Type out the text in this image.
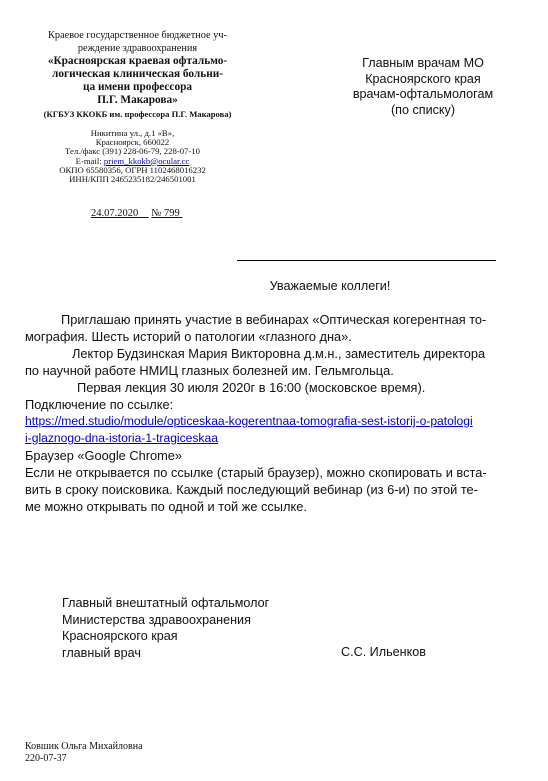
Краевое государственное бюджетное уч-
реждение здравоохранения
«Красноярская краевая офтальмо-
логическая клиническая больни-
ца имени профессора
П.Г. Макарова»
(КГБУЗ ККОКБ им. профессора П.Г. Макарова)
Никитина ул., д.1 «В»,
Красноярск, 660022
Тел./факс (391) 228-06-79, 228-07-10
E-mail: priem_kkokb@ocular.cc
ОКПО 65580356, ОГРН 1102468016232
ИНН/КПП 2465235182/246501001
24.07.2020 № 799
Главным врачам МО
Красноярского края
врачам-офтальмологам
(по списку)
Уважаемые коллеги!
Приглашаю принять участие в вебинарах «Оптическая когерентная то-
мография. Шесть историй о патологии «глазного дна».
Лектор Будзинская Мария Викторовна д.м.н., заместитель директора
по научной работе НМИЦ глазных болезней им. Гельмгольца.
Первая лекция 30 июля 2020г в 16:00 (московское время).
Подключение по ссылке:
https://med.studio/module/opticeskaa-kogerentnaa-tomografia-sest-istorij-o-patologi
i-glaznogo-dna-istoria-1-tragiceskaa
Браузер «Google Chrome»
Если не открывается по ссылке (старый браузер), можно скопировать и вста-
вить в сроку поисковика. Каждый последующий вебинар (из 6-и) по этой те-
ме можно открывать по одной и той же ссылке.
Главный внештатный офтальмолог
Министерства здравоохранения
Красноярского края
главный врач	С.С. Ильенков
Ковшик Ольга Михайловна
220-07-37
